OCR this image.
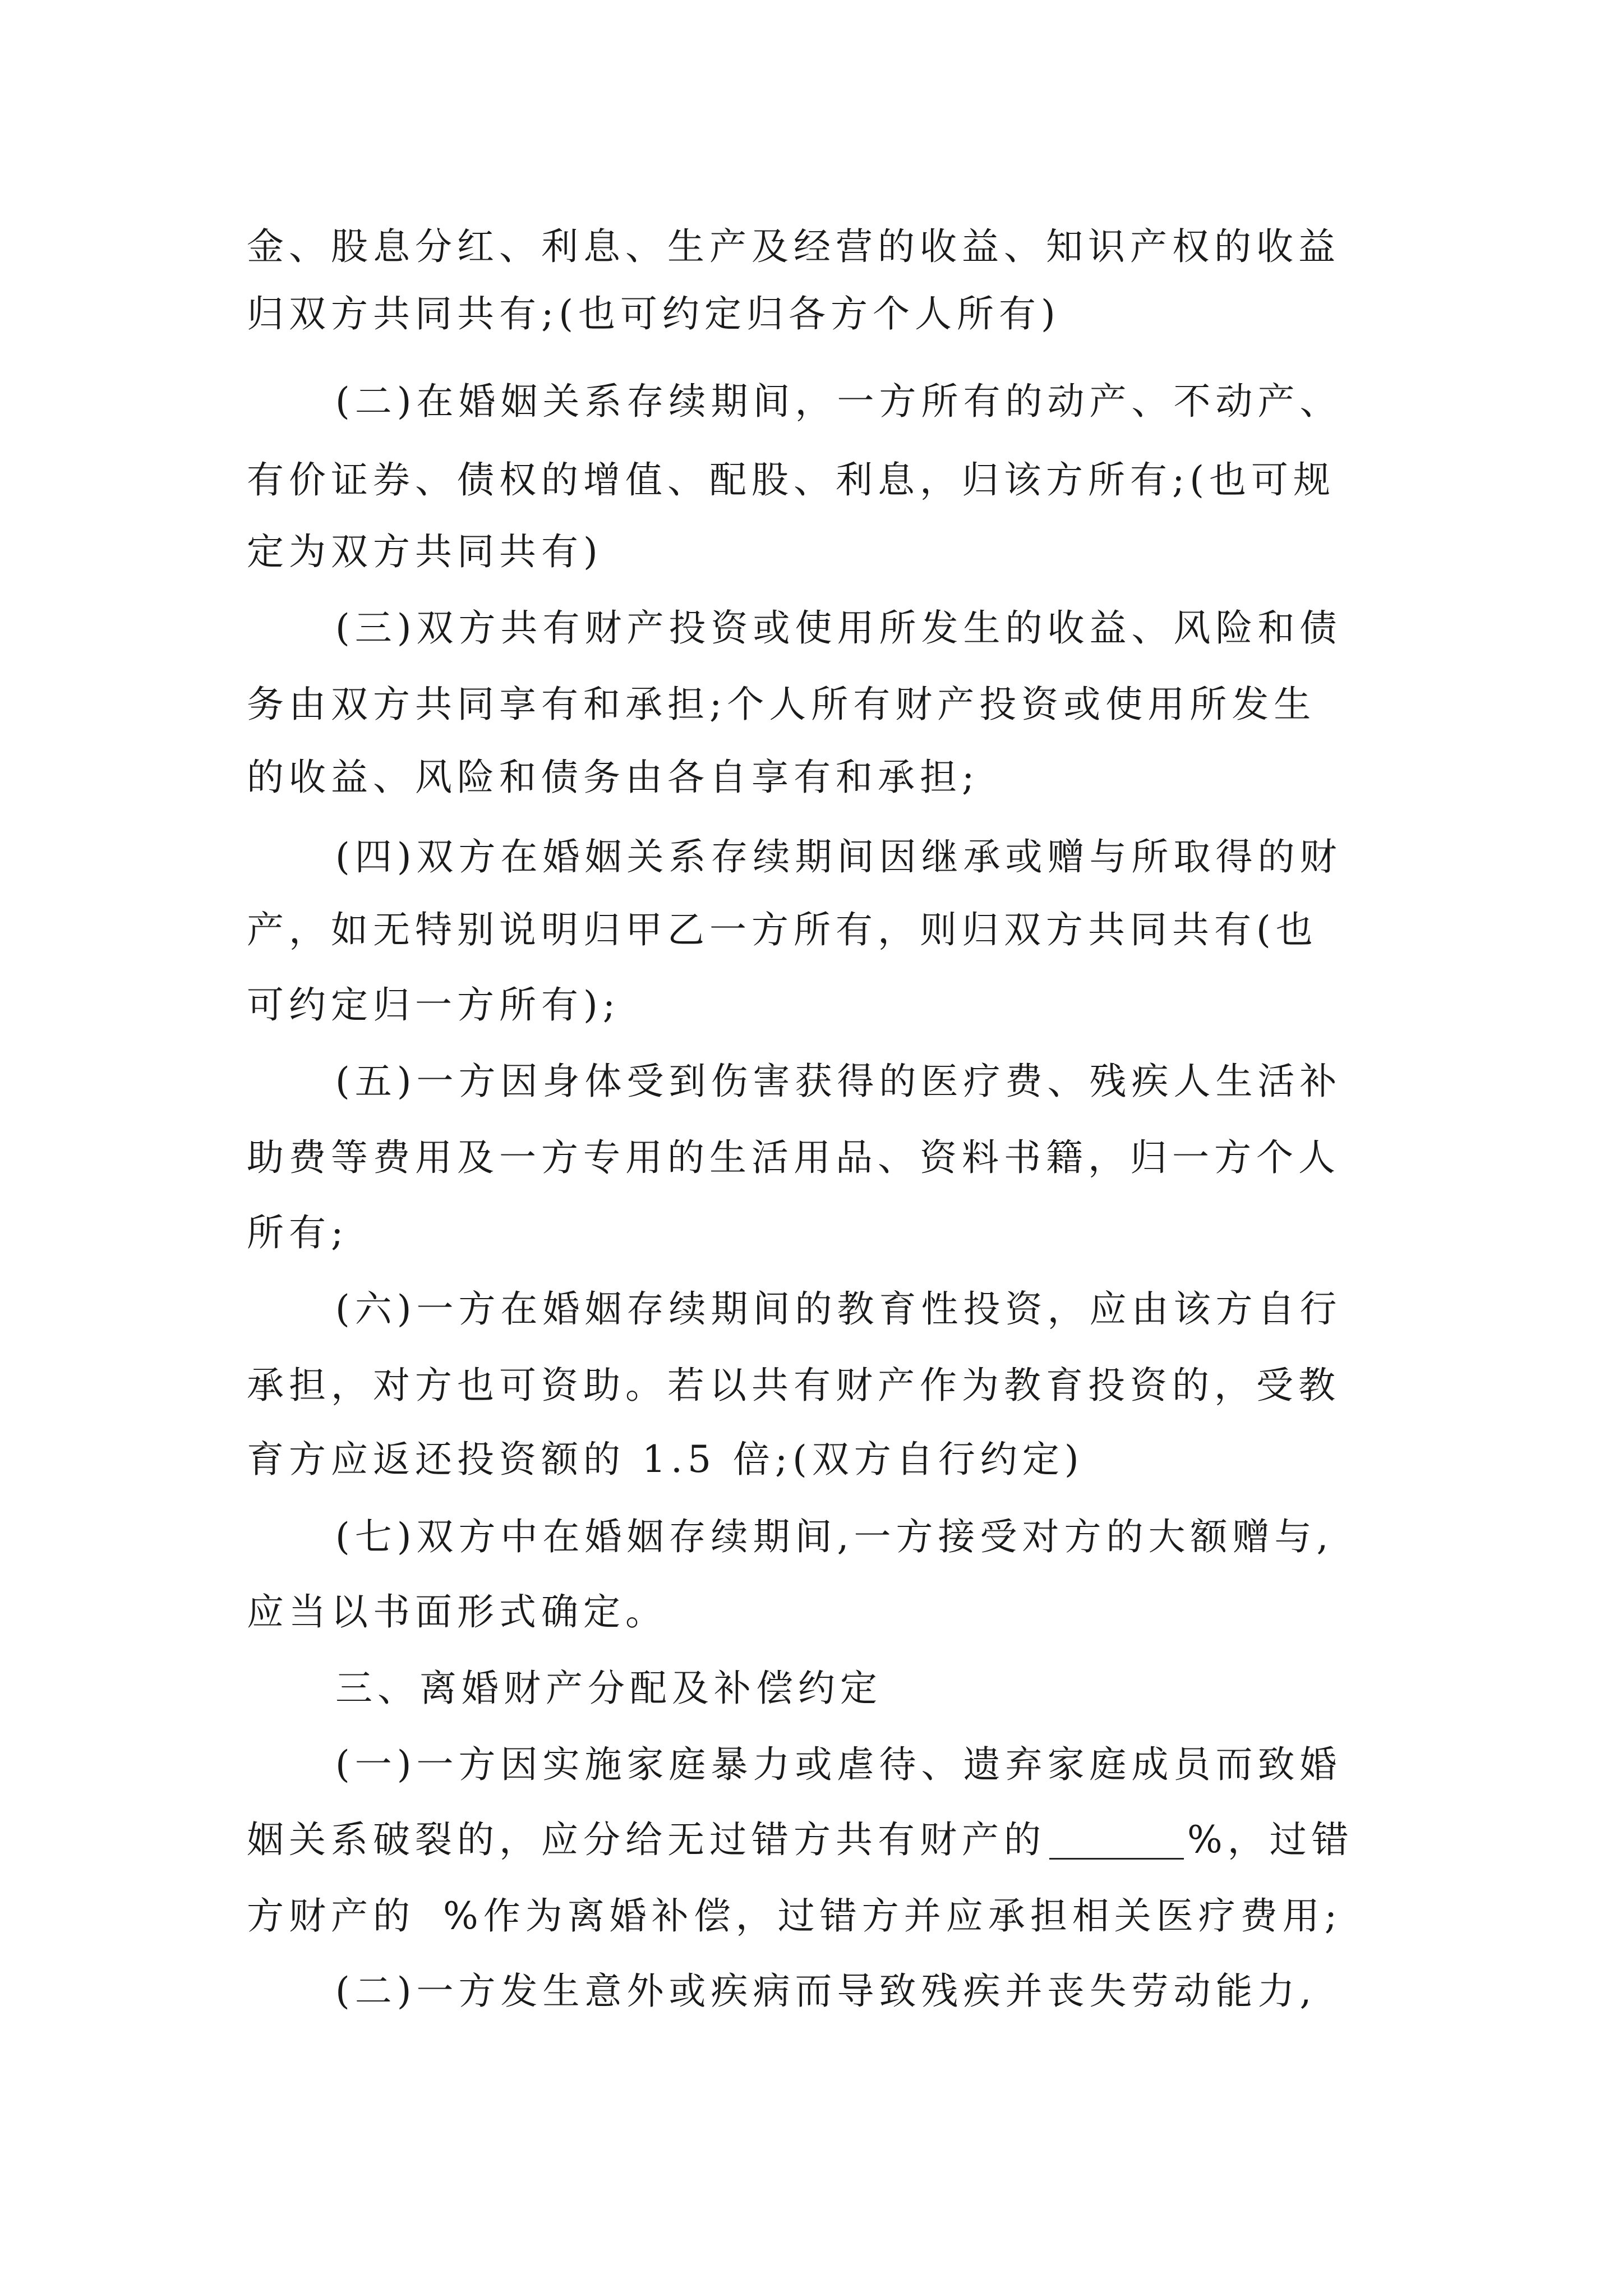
金、股息分红、利息、生产及经营的收益、知识产权的收益
归双方共同共有;(也可约定归各方个人所有)
(二)在婚姻关系存续期间，一方所有的动产、不动产、
有价证券、债权的增值、配股、利息，归该方所有;(也可规
定为双方共同共有)
(三)双方共有财产投资或使用所发生的收益、风险和债
务由双方共同享有和承担;个人所有财产投资或使用所发生
的收益、风险和债务由各自享有和承担;
(四)双方在婚姻关系存续期间因继承或赠与所取得的财
产，如无特别说明归甲乙一方所有，则归双方共同共有(也
可约定归一方所有);
(五)一方因身体受到伤害获得的医疗费、残疾人生活补
助费等费用及一方专用的生活用品、资料书籍，归一方个人
所有;
(六)一方在婚姻存续期间的教育性投资，应由该方自行
承担，对方也可资助。若以共有财产作为教育投资的，受教
育方应返还投资额的 1.5 倍;(双方自行约定)
(七)双方中在婚姻存续期间,一方接受对方的大额赠与,
应当以书面形式确定。
三、离婚财产分配及补偿约定
(一)一方因实施家庭暴力或虐待、遗弃家庭成员而致婚
姻关系破裂的，应分给无过错方共有财产的	%，过错
方财产的 %作为离婚补偿，过错方并应承担相关医疗费用;
(二)一方发生意外或疾病而导致残疾并丧失劳动能力,
